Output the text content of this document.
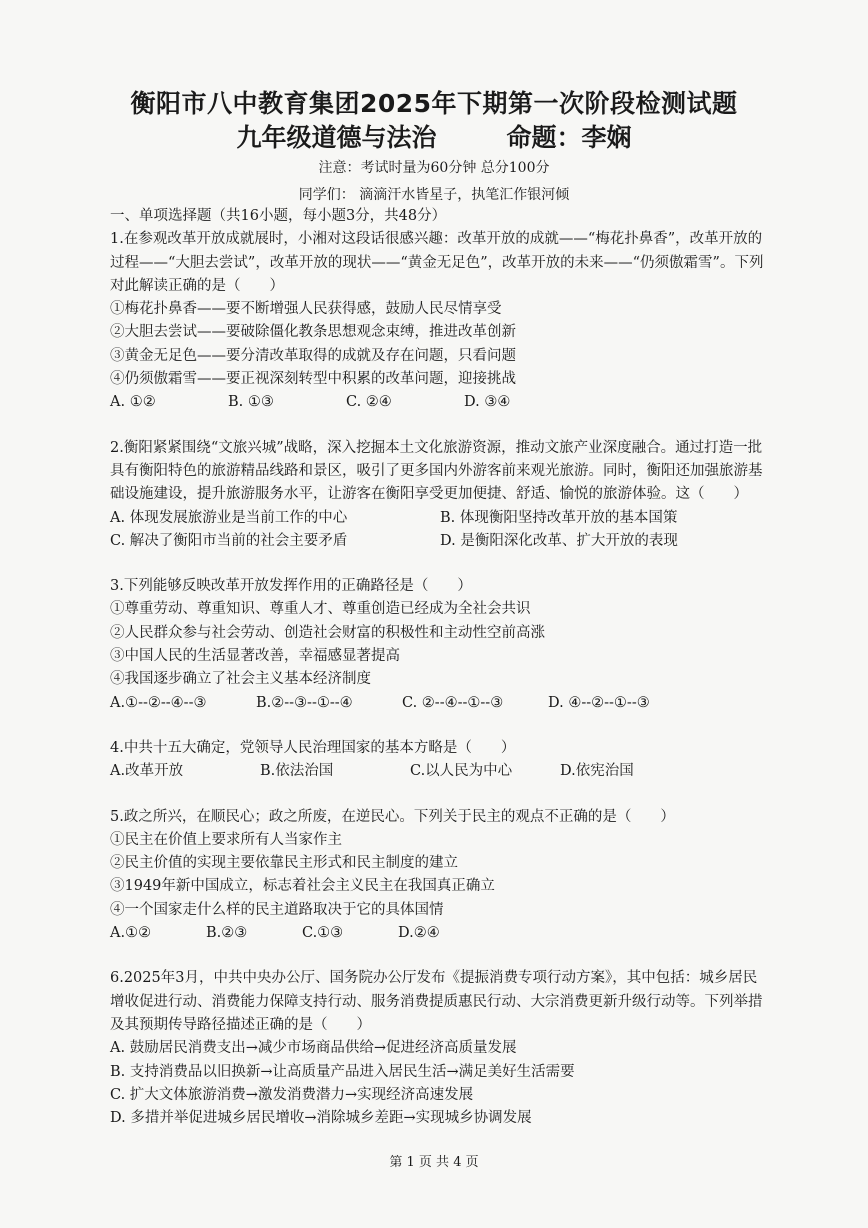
衡阳市八中教育集团2025年下期第一次阶段检测试题
九年级道德与法治	命题：李娴
注意：考试时量为60分钟 总分100分
同学们： 滴滴汗水皆星子，执笔汇作银河倾
一、单项选择题（共16小题，每小题3分，共48分）
1.在参观改革开放成就展时，小湘对这段话很感兴趣：改革开放的成就——“梅花扑鼻香”，改革开放的过程——“大胆去尝试”，改革开放的现状——“黄金无足色”，改革开放的未来——“仍须傲霜雪”。下列对此解读正确的是（　　）
①梅花扑鼻香——要不断增强人民获得感，鼓励人民尽情享受
②大胆去尝试——要破除僵化教条思想观念束缚，推进改革创新
③黄金无足色——要分清改革取得的成就及存在问题，只看问题
④仍须傲霜雪——要正视深刻转型中积累的改革问题，迎接挑战
A. ①②	B. ①③	C. ②④	D. ③④
2.衡阳紧紧围绕“文旅兴城”战略，深入挖掘本土文化旅游资源，推动文旅产业深度融合。通过打造一批具有衡阳特色的旅游精品线路和景区，吸引了更多国内外游客前来观光旅游。同时，衡阳还加强旅游基础设施建设，提升旅游服务水平，让游客在衡阳享受更加便捷、舒适、愉悦的旅游体验。这（　　）
A. 体现发展旅游业是当前工作的中心	B. 体现衡阳坚持改革开放的基本国策
C. 解决了衡阳市当前的社会主要矛盾	D. 是衡阳深化改革、扩大开放的表现
3.下列能够反映改革开放发挥作用的正确路径是（　　）
①尊重劳动、尊重知识、尊重人才、尊重创造已经成为全社会共识
②人民群众参与社会劳动、创造社会财富的积极性和主动性空前高涨
③中国人民的生活显著改善，幸福感显著提高
④我国逐步确立了社会主义基本经济制度
A.①--②--④--③	B.②--③--①--④	C. ②--④--①--③	D. ④--②--①--③
4.中共十五大确定，党领导人民治理国家的基本方略是（　　）
A.改革开放	B.依法治国	C.以人民为中心	D.依宪治国
5.政之所兴，在顺民心；政之所废，在逆民心。下列关于民主的观点不正确的是（　　）
①民主在价值上要求所有人当家作主
②民主价值的实现主要依靠民主形式和民主制度的建立
③1949年新中国成立，标志着社会主义民主在我国真正确立
④一个国家走什么样的民主道路取决于它的具体国情
A.①②	B.②③	C.①③	D.②④
6.2025年3月，中共中央办公厅、国务院办公厅发布《提振消费专项行动方案》，其中包括：城乡居民增收促进行动、消费能力保障支持行动、服务消费提质惠民行动、大宗消费更新升级行动等。下列举措及其预期传导路径描述正确的是（　　）
A. 鼓励居民消费支出→减少市场商品供给→促进经济高质量发展
B. 支持消费品以旧换新→让高质量产品进入居民生活→满足美好生活需要
C. 扩大文体旅游消费→激发消费潜力→实现经济高速发展
D. 多措并举促进城乡居民增收→消除城乡差距→实现城乡协调发展
第 1 页 共 4 页
